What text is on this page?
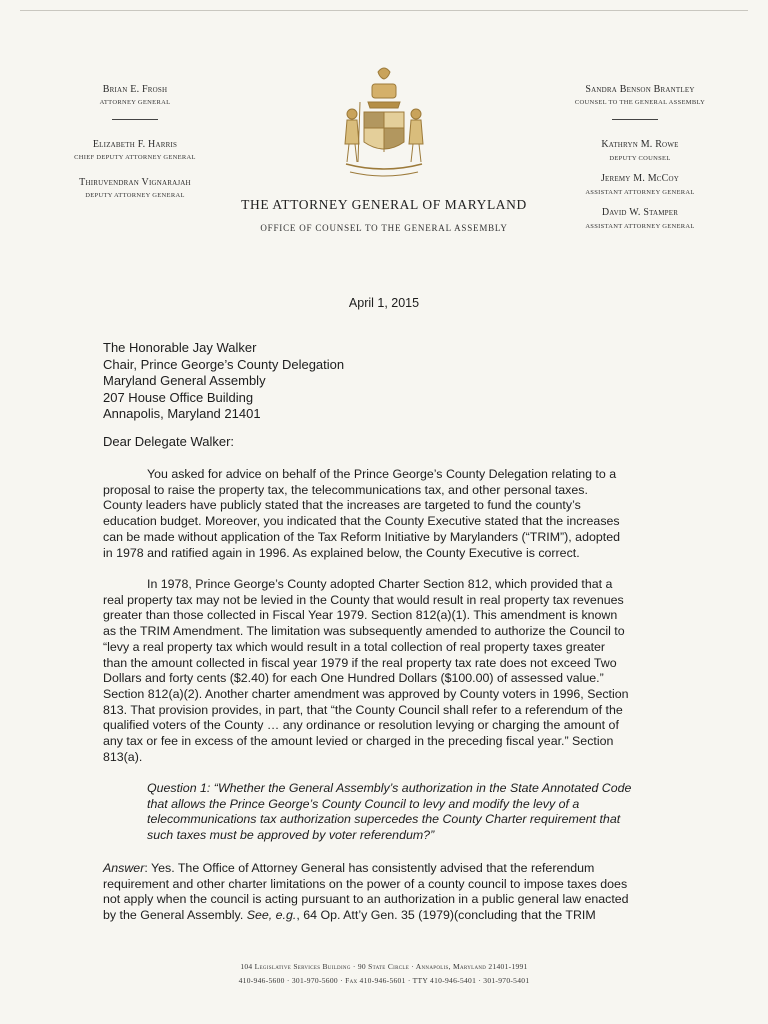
Brian E. Frosh
ATTORNEY GENERAL
Elizabeth F. Harris
CHIEF DEPUTY ATTORNEY GENERAL
Thiruvendran Vignarajah
DEPUTY ATTORNEY GENERAL
Sandra Benson Brantley
COUNSEL TO THE GENERAL ASSEMBLY
Kathryn M. Rowe
DEPUTY COUNSEL
Jeremy M. McCoy
ASSISTANT ATTORNEY GENERAL
David W. Stamper
ASSISTANT ATTORNEY GENERAL
THE ATTORNEY GENERAL OF MARYLAND
OFFICE OF COUNSEL TO THE GENERAL ASSEMBLY
April 1, 2015
The Honorable Jay Walker
Chair, Prince George’s County Delegation
Maryland General Assembly
207 House Office Building
Annapolis, Maryland 21401
Dear Delegate Walker:
You asked for advice on behalf of the Prince George’s County Delegation relating to a
proposal to raise the property tax, the telecommunications tax, and other personal taxes.
County leaders have publicly stated that the increases are targeted to fund the county’s
education budget. Moreover, you indicated that the County Executive stated that the increases
can be made without application of the Tax Reform Initiative by Marylanders (“TRIM”), adopted
in 1978 and ratified again in 1996. As explained below, the County Executive is correct.
In 1978, Prince George’s County adopted Charter Section 812, which provided that a
real property tax may not be levied in the County that would result in real property tax revenues
greater than those collected in Fiscal Year 1979. Section 812(a)(1). This amendment is known
as the TRIM Amendment. The limitation was subsequently amended to authorize the Council to
“levy a real property tax which would result in a total collection of real property taxes greater
than the amount collected in fiscal year 1979 if the real property tax rate does not exceed Two
Dollars and forty cents ($2.40) for each One Hundred Dollars ($100.00) of assessed value.”
Section 812(a)(2). Another charter amendment was approved by County voters in 1996, Section
813. That provision provides, in part, that “the County Council shall refer to a referendum of the
qualified voters of the County … any ordinance or resolution levying or charging the amount of
any tax or fee in excess of the amount levied or charged in the preceding fiscal year.” Section
813(a).
Question 1: “Whether the General Assembly’s authorization in the State Annotated Code
that allows the Prince George’s County Council to levy and modify the levy of a
telecommunications tax authorization supercedes the County Charter requirement that
such taxes must be approved by voter referendum?”
Answer: Yes. The Office of Attorney General has consistently advised that the referendum
requirement and other charter limitations on the power of a county council to impose taxes does
not apply when the council is acting pursuant to an authorization in a public general law enacted
by the General Assembly. See, e.g., 64 Op. Att’y Gen. 35 (1979)(concluding that the TRIM
104 Legislative Services Building · 90 State Circle · Annapolis, Maryland 21401-1991
410-946-5600 · 301-970-5600 · Fax 410-946-5601 · TTY 410-946-5401 · 301-970-5401
